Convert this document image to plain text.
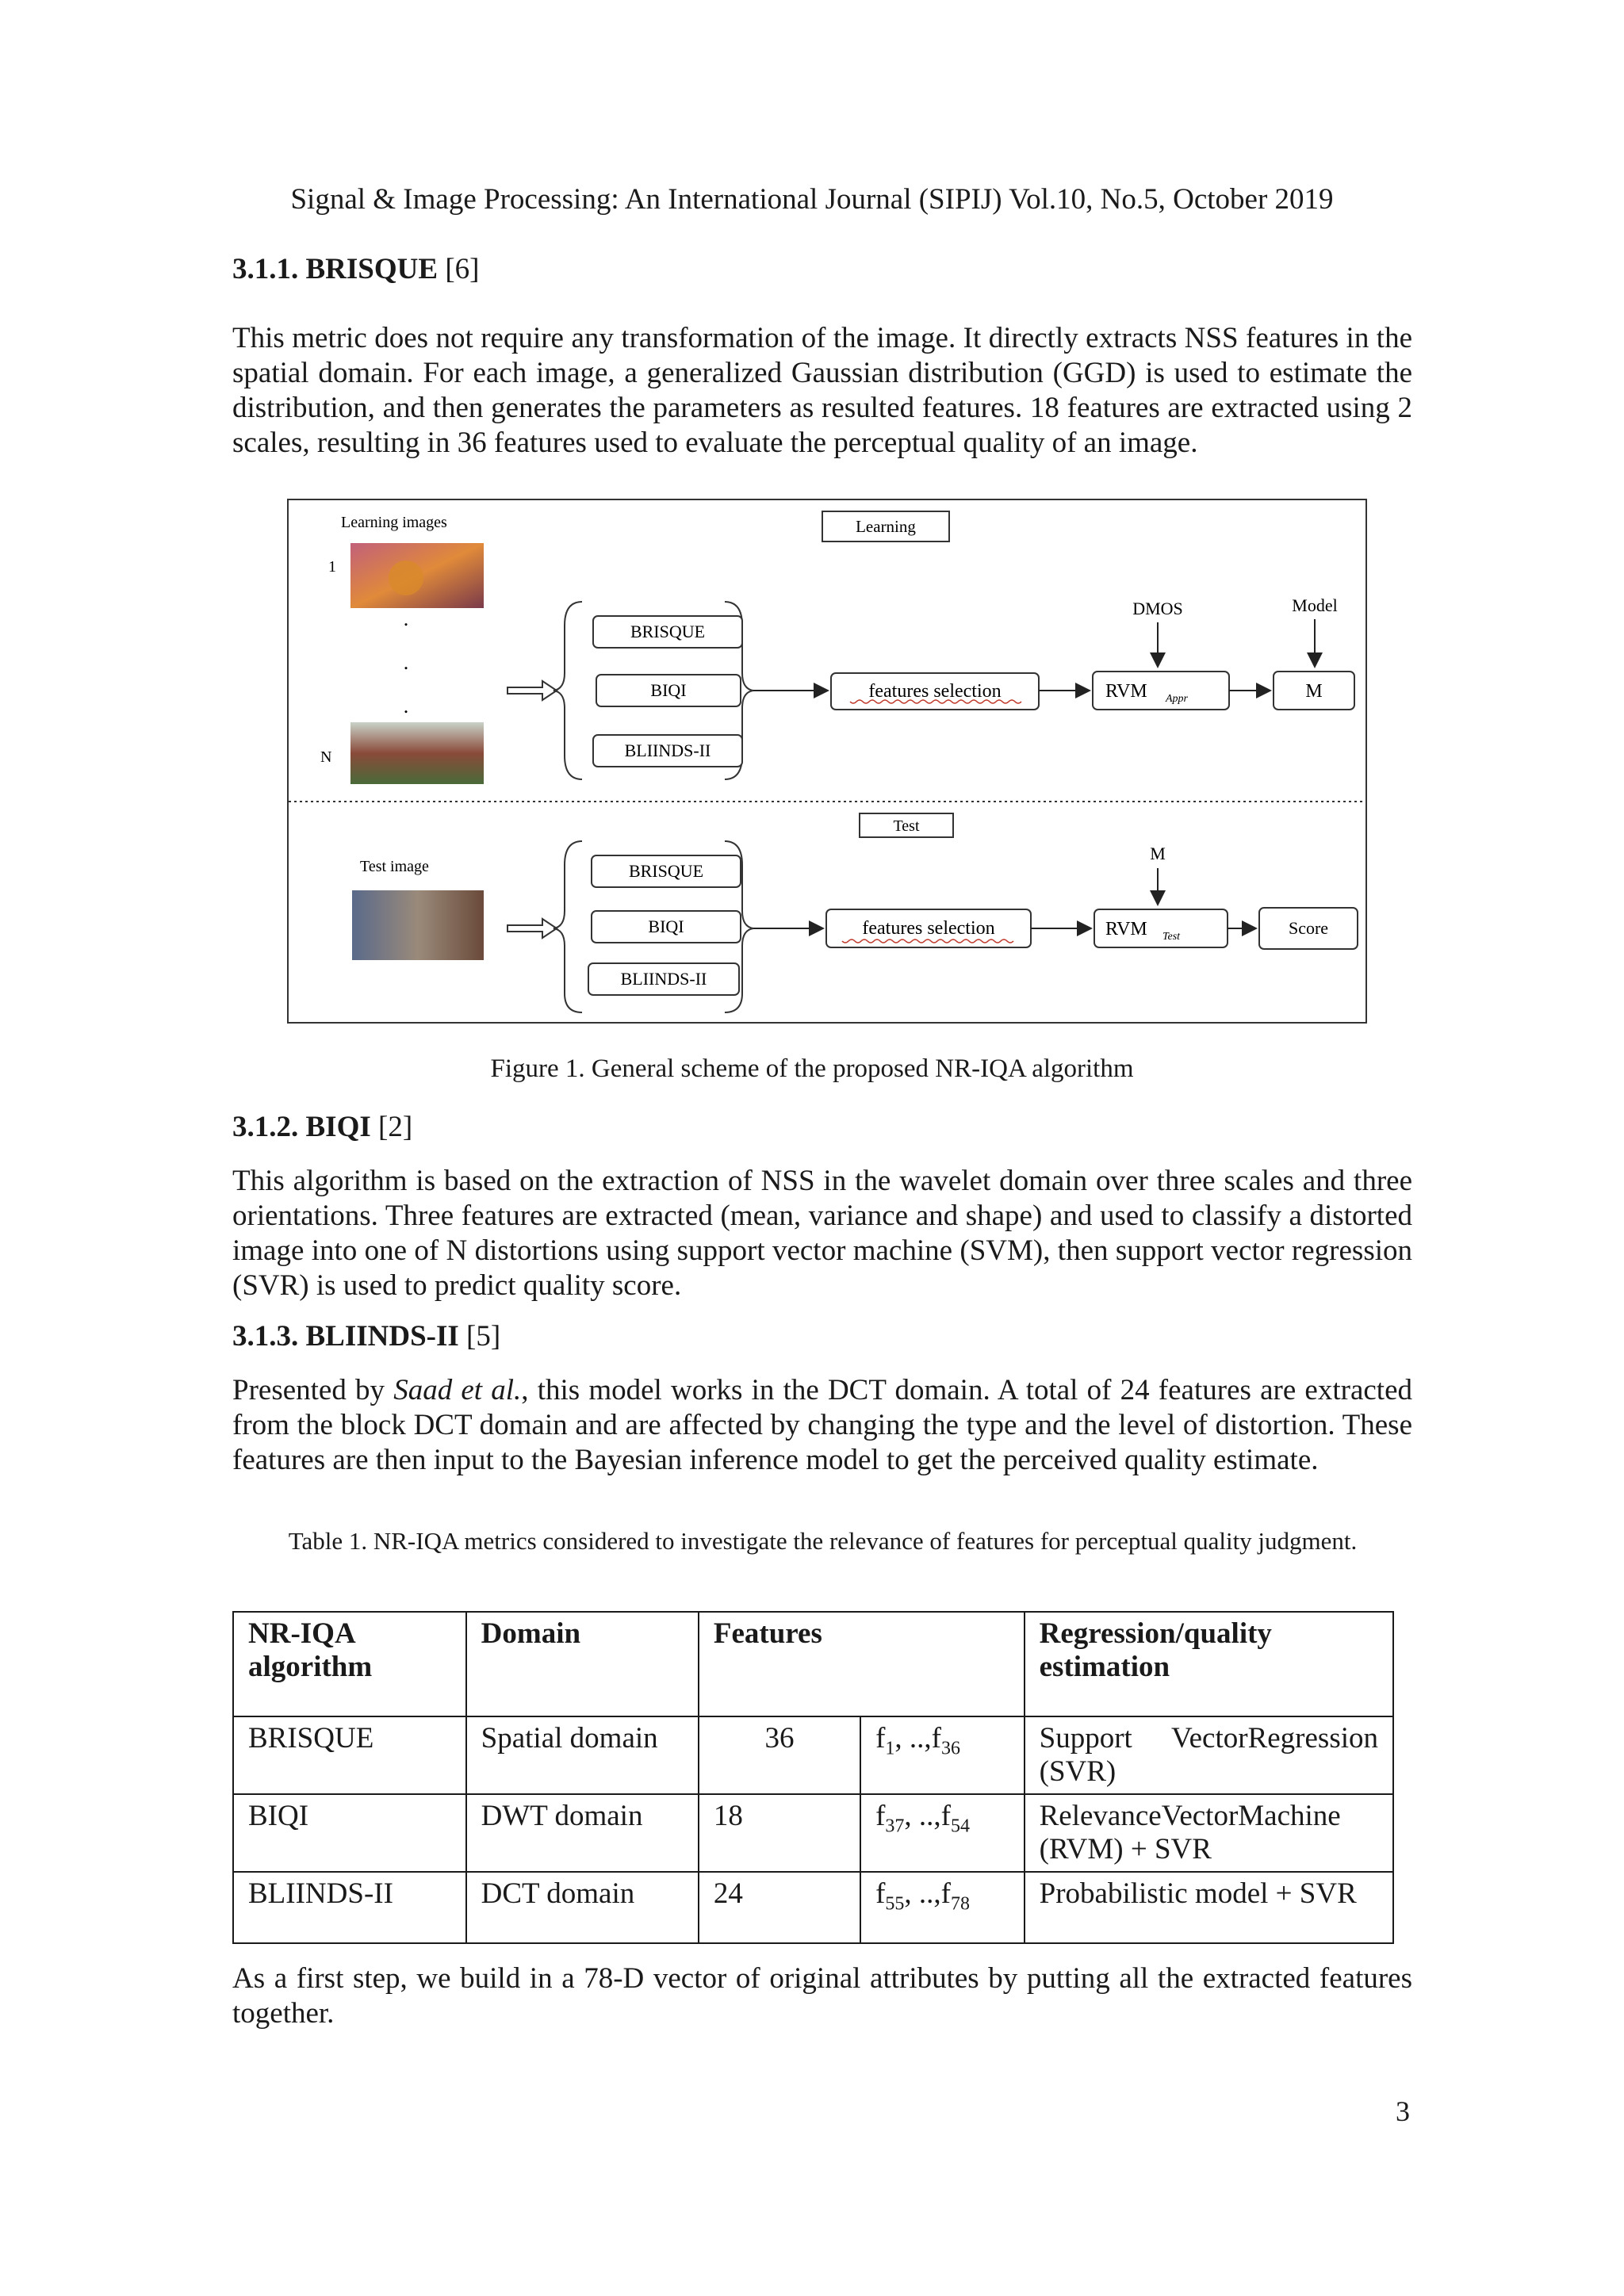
Signal & Image Processing: An International Journal (SIPIJ) Vol.10, No.5, October 2019
3.1.1. BRISQUE [6]
This metric does not require any transformation of the image. It directly extracts NSS features in the spatial domain. For each image, a generalized Gaussian distribution (GGD) is used to estimate the distribution, and then generates the parameters as resulted features. 18 features are extracted using 2 scales, resulting in 36 features used to evaluate the perceptual quality of an image.
Learning images	Learning
1
.
.
.
N
BRISQUE
BIQI
BLIINDS-II
features selection	RVM Appr
DMOS
M
Model
Test
Test image	BRISQUE
BIQI
BLIINDS-II
features selection	RVM Test
M
Score
Figure 1. General scheme of the proposed NR-IQA algorithm
3.1.2. BIQI [2]
This algorithm is based on the extraction of NSS in the wavelet domain over three scales and three orientations. Three features are extracted (mean, variance and shape) and used to classify a distorted image into one of N distortions using support vector machine (SVM), then support vector regression (SVR) is used to predict quality score.
3.1.3. BLIINDS-II [5]
Presented by Saad et al., this model works in the DCT domain. A total of 24 features are extracted from the block DCT domain and are affected by changing the type and the level of distortion. These features are then input to the Bayesian inference model to get the perceived quality estimate.
Table 1. NR-IQA metrics considered to investigate the relevance of features for perceptual quality judgment.
NR-IQA algorithm	Domain	Features		Regression/quality estimation
BRISQUE	Spatial domain	36	$f_1$, $..,f_{36}$	Support VectorRegression (SVR)
BIQI	DWT domain	18	$f_{37}$, $..,f_{54}$	RelevanceVectorMachine (RVM) + SVR
BLIINDS-II	DCT domain	24	$f_{55}$, $..,f_{78}$	Probabilistic model + SVR
As a first step, we build in a 78-D vector of original attributes by putting all the extracted features together.
3
